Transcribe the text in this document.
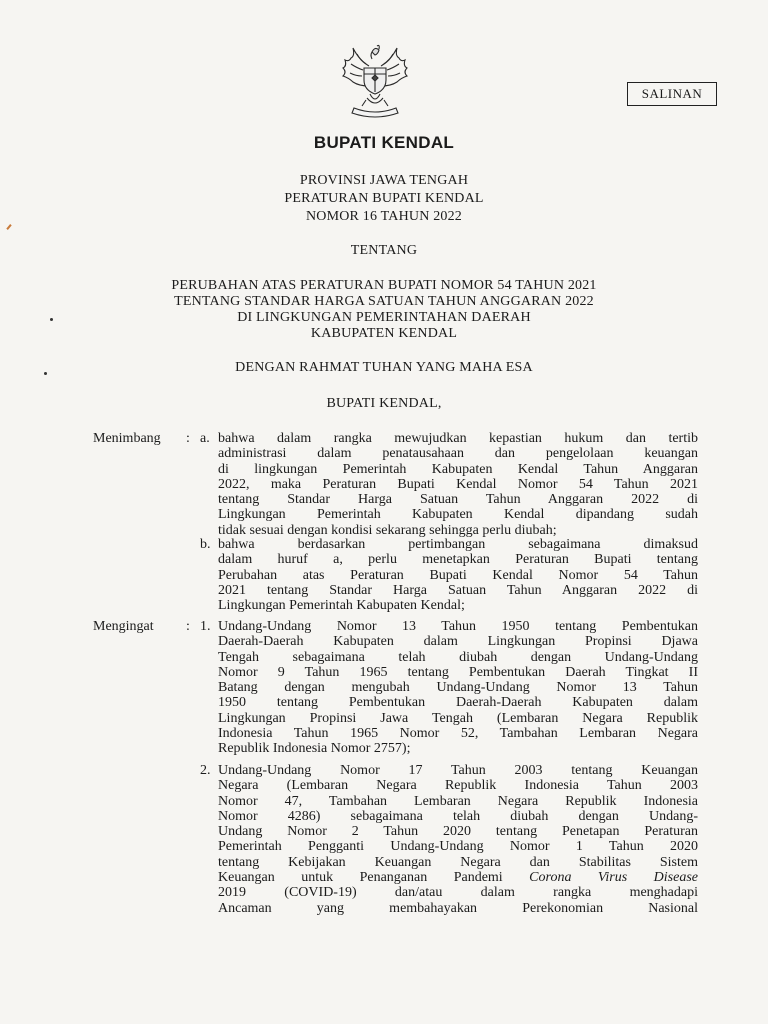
SALINAN
BUPATI KENDAL
PROVINSI JAWA TENGAH
PERATURAN BUPATI KENDAL
NOMOR 16 TAHUN 2022
TENTANG
PERUBAHAN ATAS PERATURAN BUPATI NOMOR 54 TAHUN 2021
TENTANG STANDAR HARGA SATUAN TAHUN ANGGARAN 2022
DI LINGKUNGAN PEMERINTAHAN DAERAH
KABUPATEN KENDAL
DENGAN RAHMAT TUHAN YANG MAHA ESA
BUPATI KENDAL,
Menimbang : a. bahwa dalam rangka mewujudkan kepastian hukum dan tertib
administrasi dalam penatausahaan dan pengelolaan keuangan
di lingkungan Pemerintah Kabupaten Kendal Tahun Anggaran
2022, maka Peraturan Bupati Kendal Nomor 54 Tahun 2021
tentang Standar Harga Satuan Tahun Anggaran 2022 di
Lingkungan Pemerintah Kabupaten Kendal dipandang sudah
tidak sesuai dengan kondisi sekarang sehingga perlu diubah;
b. bahwa berdasarkan pertimbangan sebagaimana dimaksud
dalam huruf a, perlu menetapkan Peraturan Bupati tentang
Perubahan atas Peraturan Bupati Kendal Nomor 54 Tahun
2021 tentang Standar Harga Satuan Tahun Anggaran 2022 di
Lingkungan Pemerintah Kabupaten Kendal;
Mengingat : 1. Undang-Undang Nomor 13 Tahun 1950 tentang Pembentukan
Daerah-Daerah Kabupaten dalam Lingkungan Propinsi Djawa
Tengah sebagaimana telah diubah dengan Undang-Undang
Nomor 9 Tahun 1965 tentang Pembentukan Daerah Tingkat II
Batang dengan mengubah Undang-Undang Nomor 13 Tahun
1950 tentang Pembentukan Daerah-Daerah Kabupaten dalam
Lingkungan Propinsi Jawa Tengah (Lembaran Negara Republik
Indonesia Tahun 1965 Nomor 52, Tambahan Lembaran Negara
Republik Indonesia Nomor 2757);
2. Undang-Undang Nomor 17 Tahun 2003 tentang Keuangan
Negara (Lembaran Negara Republik Indonesia Tahun 2003
Nomor 47, Tambahan Lembaran Negara Republik Indonesia
Nomor 4286) sebagaimana telah diubah dengan Undang-
Undang Nomor 2 Tahun 2020 tentang Penetapan Peraturan
Pemerintah Pengganti Undang-Undang Nomor 1 Tahun 2020
tentang Kebijakan Keuangan Negara dan Stabilitas Sistem
Keuangan untuk Penanganan Pandemi Corona Virus Disease
2019 (COVID-19) dan/atau dalam rangka menghadapi
Ancaman yang membahayakan Perekonomian Nasional
